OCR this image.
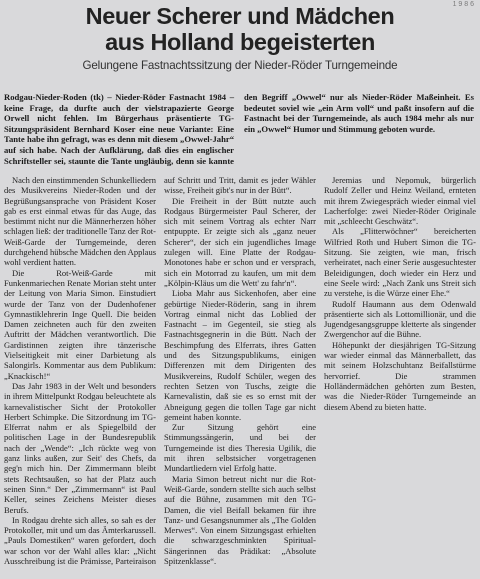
1 9 8 6
Neuer Scherer und Mädchen
aus Holland begeisterten
Gelungene Fastnachtssitzung der Nieder-Röder Turngemeinde

Rodgau-Nieder-Roden (tk) – Nieder-Röder Fastnacht 1984 – keine Frage, da durfte auch der vielstrapazierte George Orwell nicht fehlen. Im Bürgerhaus präsentierte TG-Sitzungspräsident Bernhard Koser eine neue Variante: Eine Tante habe ihn gefragt, was es denn mit diesem „Owwel-Jahr“ auf sich habe. Nach der Aufklärung, daß dies ein englischer Schriftsteller sei, staunte die Tante ungläubig, denn sie kannte den Begriff „Owwel“ nur als Nieder-Röder Maßeinheit. Es bedeutet soviel wie „ein Arm voll“ und paßt insofern auf die Fastnacht bei der Turngemeinde, als auch 1984 mehr als nur ein „Owwel“ Humor und Stimmung geboten wurde.

Nach den einstimmenden Schunkelliedern des Musikvereins Nieder-Roden und der Begrüßungsansprache von Präsident Koser gab es erst einmal etwas für das Auge, das bestimmt nicht nur die Männerherzen höher schlagen ließ: der traditionelle Tanz der Rot-Weiß-Garde der Turngemeinde, deren durchgehend hübsche Mädchen den Applaus wohl verdient hatten.

Die Rot-Weiß-Garde mit Funkenmariechen Renate Morian steht unter der Leitung von Maria Simon. Einstudiert wurde der Tanz von der Dudenhofener Gymnastiklehrerin Inge Quell. Die beiden Damen zeichneten auch für den zweiten Auftritt der Mädchen verantwortlich. Die Gardistinnen zeigten ihre tänzerische Vielseitigkeit mit einer Darbietung als Salongirls. Kommentar aus dem Publikum: „Knackisch!“

Das Jahr 1983 in der Welt und besonders in ihrem Mittelpunkt Rodgau beleuchtete als karnevalistischer Sicht der Protokoller Herbert Schimpke. Die Sitzordnung im TG-Elferrat nahm er als Spiegelbild der politischen Lage in der Bundesrepublik nach der „Wende“: „Ich rückte weg von ganz links außen, zur Seit' des Chefs, da geg'n mich hin. Der Zimmermann bleibt stets Rechtsaußen, so hat der Platz auch seinen Sinn.“ Der „Zimmermann“ ist Paul Keller, seines Zeichens Meister dieses Berufs.

In Rodgau drehte sich alles, so sah es der Protokoller, mit und um das Ämterkarussell. „Pauls Domestiken“ waren gefordert, doch war schon vor der Wahl alles klar: „Nicht Ausschreibung ist die Prämisse, Parteiraison auf Schritt und Tritt, damit es jeder Wähler wisse, Freiheit gibt's nur in der Bütt“.

Die Freiheit in der Bütt nutzte auch Rodgaus Bürgermeister Paul Scherer, der sich mit seinem Vortrag als echter Narr entpuppte. Er zeigte sich als „ganz neuer Scherer“, der sich ein jugendliches Image zulegen will. Eine Platte der Rodgau-Monotones habe er schon und er versprach, sich ein Motorrad zu kaufen, um mit dem „Kölpin-Kläus um die Wett' zu fahr'n“.

Lioba Mahr aus Sickenhofen, aber eine gebürtige Nieder-Röderin, sang in ihrem Vortrag einmal nicht das Loblied der Fastnacht – im Gegenteil, sie stieg als Fastnachtsgegnerin in die Bütt. Nach der Beschimpfung des Elferrats, ihres Gatten und des Sitzungspublikums, einigen Differenzen mit dem Dirigenten des Musikvereins, Rudolf Schüler, wegen des rechten Setzen von Tuschs, zeigte die Karnevalistin, daß sie es so ernst mit der Abneigung gegen die tollen Tage gar nicht gemeint haben konnte.

Zur Sitzung gehört eine Stimmungssängerin, und bei der Turngemeinde ist dies Theresia Ugilik, die mit ihren selbstsicher vorgetragenen Mundartliedern viel Erfolg hatte.

Maria Simon betreut nicht nur die Rot-Weiß-Garde, sondern stellte sich auch selbst auf die Bühne, zusammen mit den TG-Damen, die viel Beifall bekamen für ihre Tanz- und Gesangsnummer als „The Golden Merwes“. Von einem Sitzungsgast erhielten die schwarzgeschminkten Spiritual-Sängerinnen das Prädikat: „Absolute Spitzenklasse“.

Jeremias und Nepomuk, bürgerlich Rudolf Zeller und Heinz Weiland, ernteten mit ihrem Zwiegespräch wieder einmal viel Lacherfolge: zwei Nieder-Röder Originale mit „schleecht Geschwätz“.

Als „Flitterwöchner“ bereicherten Wilfried Roth und Hubert Simon die TG-Sitzung. Sie zeigten, wie man, frisch verheiratet, nach einer Serie ausgesuchtester Beleidigungen, doch wieder ein Herz und eine Seele wird: „Nach Zank uns Streit sich zu verstehe, is die Würze einer Ehe.“

Rudolf Haumann aus dem Odenwald präsentierte sich als Lottomillionär, und die Jugendgesangsgruppe kletterte als singender Zwergenchor auf die Bühne.

Höhepunkt der diesjährigen TG-Sitzung war wieder einmal das Männerballett, das mit seinem Holzschuhtanz Beifallstürme hervorrief. Die strammen Holländermädchen gehörten zum Besten, was die Nieder-Röder Turngemeinde an diesem Abend zu bieten hatte.
